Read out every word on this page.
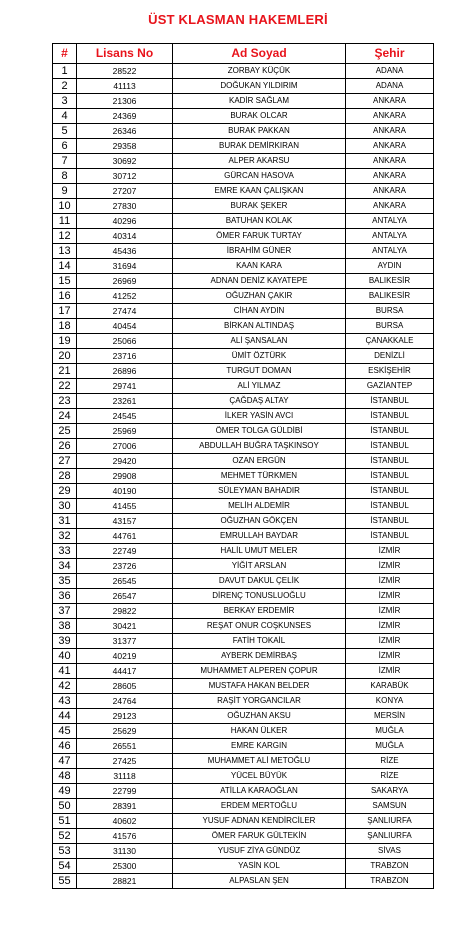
ÜST KLASMAN HAKEMLERİ
#	Lisans No	Ad Soyad	Şehir
1	28522	ZORBAY KÜÇÜK	ADANA
2	41113	DOĞUKAN YILDIRIM	ADANA
3	21306	KADİR SAĞLAM	ANKARA
4	24369	BURAK OLCAR	ANKARA
5	26346	BURAK PAKKAN	ANKARA
6	29358	BURAK DEMİRKIRAN	ANKARA
7	30692	ALPER AKARSU	ANKARA
8	30712	GÜRCAN HASOVA	ANKARA
9	27207	EMRE KAAN ÇALIŞKAN	ANKARA
10	27830	BURAK ŞEKER	ANKARA
11	40296	BATUHAN KOLAK	ANTALYA
12	40314	ÖMER FARUK TURTAY	ANTALYA
13	45436	İBRAHİM GÜNER	ANTALYA
14	31694	KAAN KARA	AYDIN
15	26969	ADNAN DENİZ KAYATEPE	BALIKESİR
16	41252	OĞUZHAN ÇAKIR	BALIKESİR
17	27474	CİHAN AYDIN	BURSA
18	40454	BİRKAN ALTINDAŞ	BURSA
19	25066	ALİ ŞANSALAN	ÇANAKKALE
20	23716	ÜMİT ÖZTÜRK	DENİZLİ
21	26896	TURGUT DOMAN	ESKİŞEHİR
22	29741	ALİ YILMAZ	GAZİANTEP
23	23261	ÇAĞDAŞ ALTAY	İSTANBUL
24	24545	İLKER YASİN AVCI	İSTANBUL
25	25969	ÖMER TOLGA GÜLDİBİ	İSTANBUL
26	27006	ABDULLAH BUĞRA TAŞKINSOY	İSTANBUL
27	29420	OZAN ERGÜN	İSTANBUL
28	29908	MEHMET TÜRKMEN	İSTANBUL
29	40190	SÜLEYMAN BAHADIR	İSTANBUL
30	41455	MELİH ALDEMİR	İSTANBUL
31	43157	OĞUZHAN GÖKÇEN	İSTANBUL
32	44761	EMRULLAH BAYDAR	İSTANBUL
33	22749	HALİL UMUT MELER	İZMİR
34	23726	YİĞİT ARSLAN	İZMİR
35	26545	DAVUT DAKUL ÇELİK	İZMİR
36	26547	DİRENÇ TONUSLUOĞLU	İZMİR
37	29822	BERKAY ERDEMİR	İZMİR
38	30421	REŞAT ONUR COŞKUNSES	İZMİR
39	31377	FATİH TOKAİL	İZMİR
40	40219	AYBERK DEMİRBAŞ	İZMİR
41	44417	MUHAMMET ALPEREN ÇOPUR	İZMİR
42	28605	MUSTAFA HAKAN BELDER	KARABÜK
43	24764	RAŞİT YORGANCILAR	KONYA
44	29123	OĞUZHAN AKSU	MERSİN
45	25629	HAKAN ÜLKER	MUĞLA
46	26551	EMRE KARGIN	MUĞLA
47	27425	MUHAMMET ALİ METOĞLU	RİZE
48	31118	YÜCEL BÜYÜK	RİZE
49	22799	ATİLLA KARAOĞLAN	SAKARYA
50	28391	ERDEM MERTOĞLU	SAMSUN
51	40602	YUSUF ADNAN KENDİRCİLER	ŞANLIURFA
52	41576	ÖMER FARUK GÜLTEKİN	ŞANLIURFA
53	31130	YUSUF ZİYA GÜNDÜZ	SİVAS
54	25300	YASİN KOL	TRABZON
55	28821	ALPASLAN ŞEN	TRABZON
